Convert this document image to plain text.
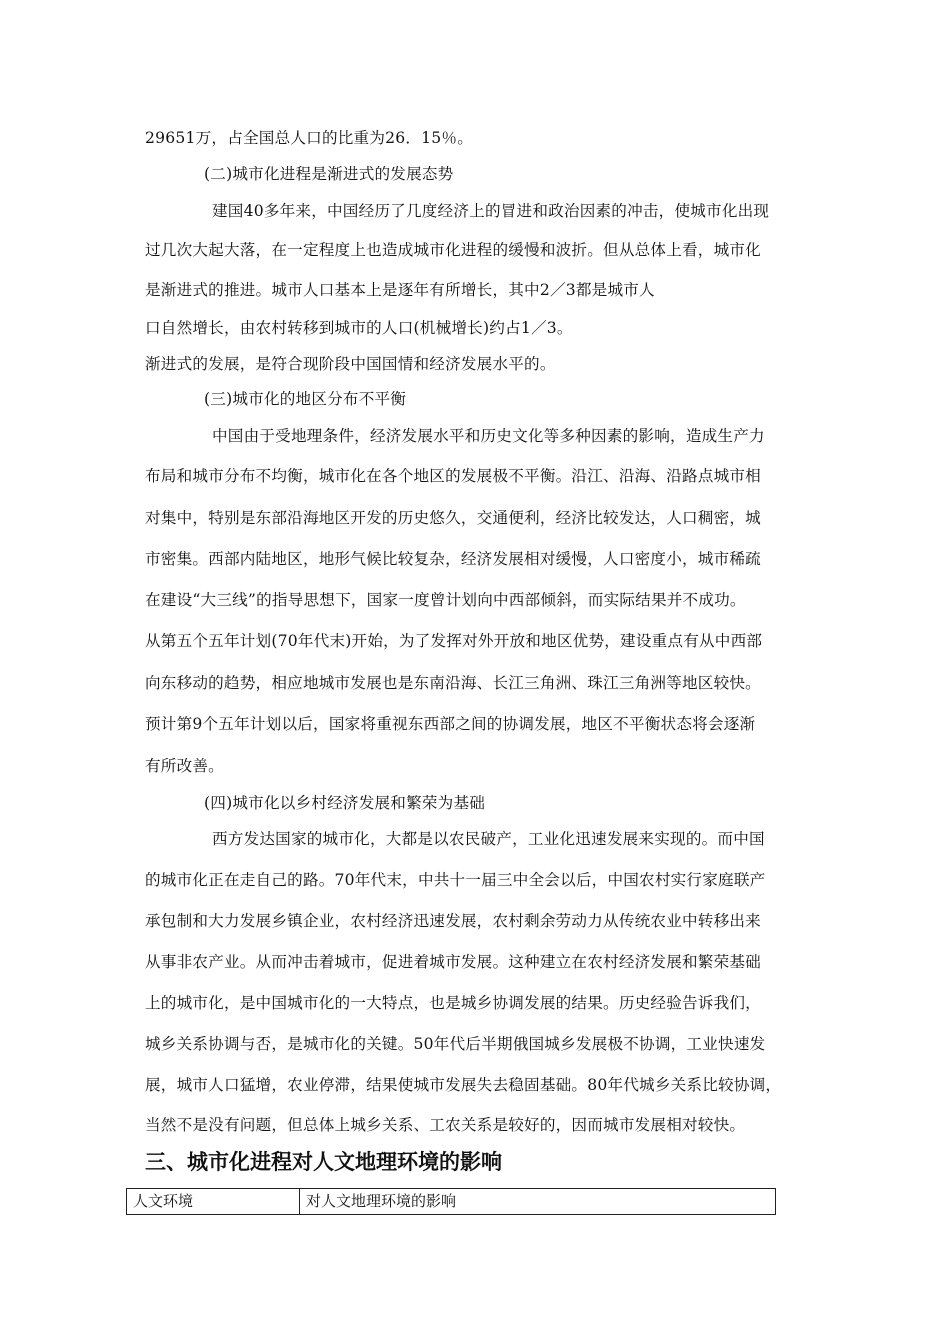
29651万，占全国总人口的比重为26．15％。
(二)城市化进程是渐进式的发展态势
建国40多年来，中国经历了几度经济上的冒进和政治因素的冲击，使城市化出现
过几次大起大落，在一定程度上也造成城市化进程的缓慢和波折。但从总体上看，城市化
是渐进式的推进。城市人口基本上是逐年有所增长，其中2／3都是城市人
口自然增长，由农村转移到城市的人口(机械增长)约占1／3。
渐进式的发展，是符合现阶段中国国情和经济发展水平的。
(三)城市化的地区分布不平衡
中国由于受地理条件，经济发展水平和历史文化等多种因素的影响，造成生产力
布局和城市分布不均衡，城市化在各个地区的发展极不平衡。沿江、沿海、沿路点城市相
对集中，特别是东部沿海地区开发的历史悠久，交通便利，经济比较发达，人口稠密，城
市密集。西部内陆地区，地形气候比较复杂，经济发展相对缓慢，人口密度小，城市稀疏
在建设“大三线”的指导思想下，国家一度曾计划向中西部倾斜，而实际结果并不成功。
从第五个五年计划(70年代末)开始，为了发挥对外开放和地区优势，建设重点有从中西部
向东移动的趋势，相应地城市发展也是东南沿海、长江三角洲、珠江三角洲等地区较快。
预计第9个五年计划以后，国家将重视东西部之间的协调发展，地区不平衡状态将会逐渐
有所改善。
(四)城市化以乡村经济发展和繁荣为基础
西方发达国家的城市化，大都是以农民破产，工业化迅速发展来实现的。而中国
的城市化正在走自己的路。70年代末，中共十一届三中全会以后，中国农村实行家庭联产
承包制和大力发展乡镇企业，农村经济迅速发展，农村剩余劳动力从传统农业中转移出来
从事非农产业。从而冲击着城市，促进着城市发展。这种建立在农村经济发展和繁荣基础
上的城市化，是中国城市化的一大特点，也是城乡协调发展的结果。历史经验告诉我们，
城乡关系协调与否，是城市化的关键。50年代后半期俄国城乡发展极不协调，工业快速发
展，城市人口猛增，农业停滞，结果使城市发展失去稳固基础。80年代城乡关系比较协调，
当然不是没有问题，但总体上城乡关系、工农关系是较好的，因而城市发展相对较快。
三、城市化进程对人文地理环境的影响
人文环境	对人文地理环境的影响
